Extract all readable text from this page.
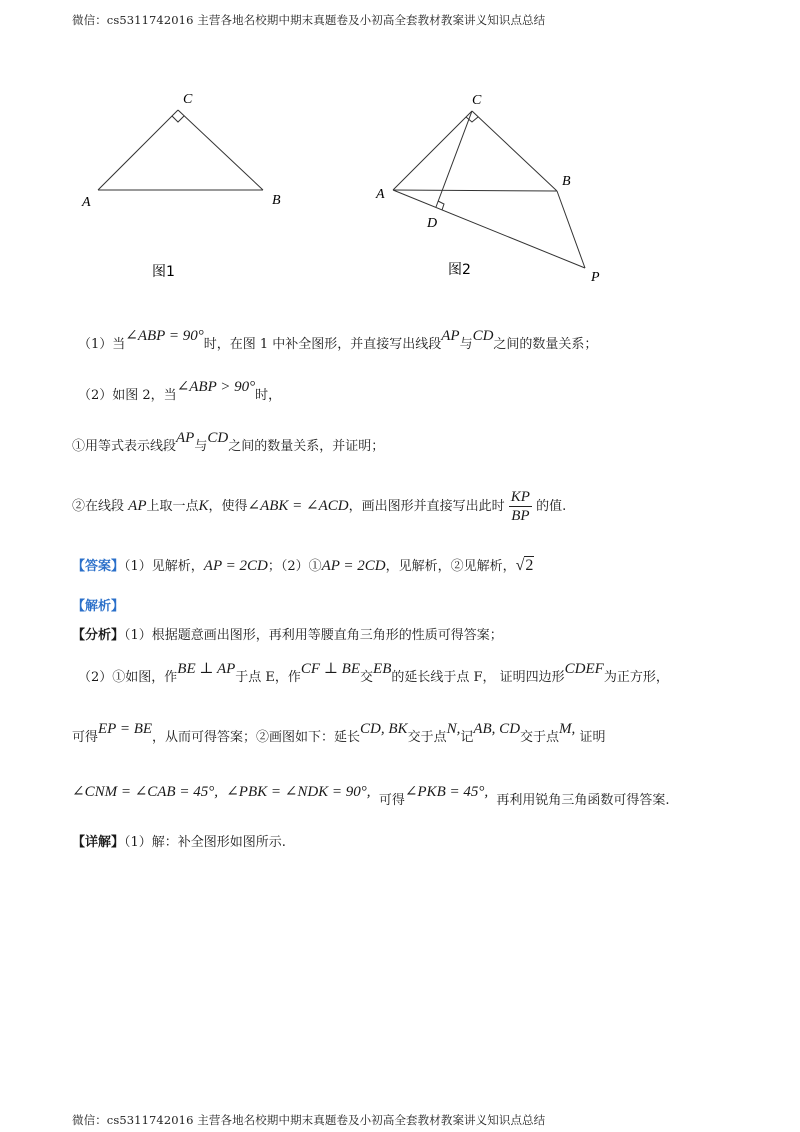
微信：cs5311742016 主营各地名校期中期末真题卷及小初高全套教材教案讲义知识点总结
C
A	B
图1
C
A
B
D
P
图2
（1）当∠ABP = 90°时，在图 1 中补全图形，并直接写出线段AP与CD之间的数量关系；
（2）如图 2，当∠ABP > 90°时，
①用等式表示线段AP与CD之间的数量关系，并证明；
②在线段 AP上取一点K，使得∠ABK = ∠ACD，画出图形并直接写出此时 $\frac{KP}{BP}$ 的值.
【答案】（1）见解析，AP = 2CD；（2）①AP = 2CD，见解析，②见解析，√2
【解析】
【分析】（1）根据题意画出图形，再利用等腰直角三角形的性质可得答案；
（2）①如图，作BE ⊥ AP于点 E，作CF ⊥ BE交EB的延长线于点 F， 证明四边形CDEF为正方形，
可得EP = BE，从而可得答案；②画图如下：延长CD, BK交于点N,记AB, CD交于点M, 证明
∠CNM = ∠CAB = 45°, ∠PBK = ∠NDK = 90°,  可得∠PKB = 45°,  再利用锐角三角函数可得答案.
【详解】（1）解：补全图形如图所示.
微信：cs5311742016 主营各地名校期中期末真题卷及小初高全套教材教案讲义知识点总结
